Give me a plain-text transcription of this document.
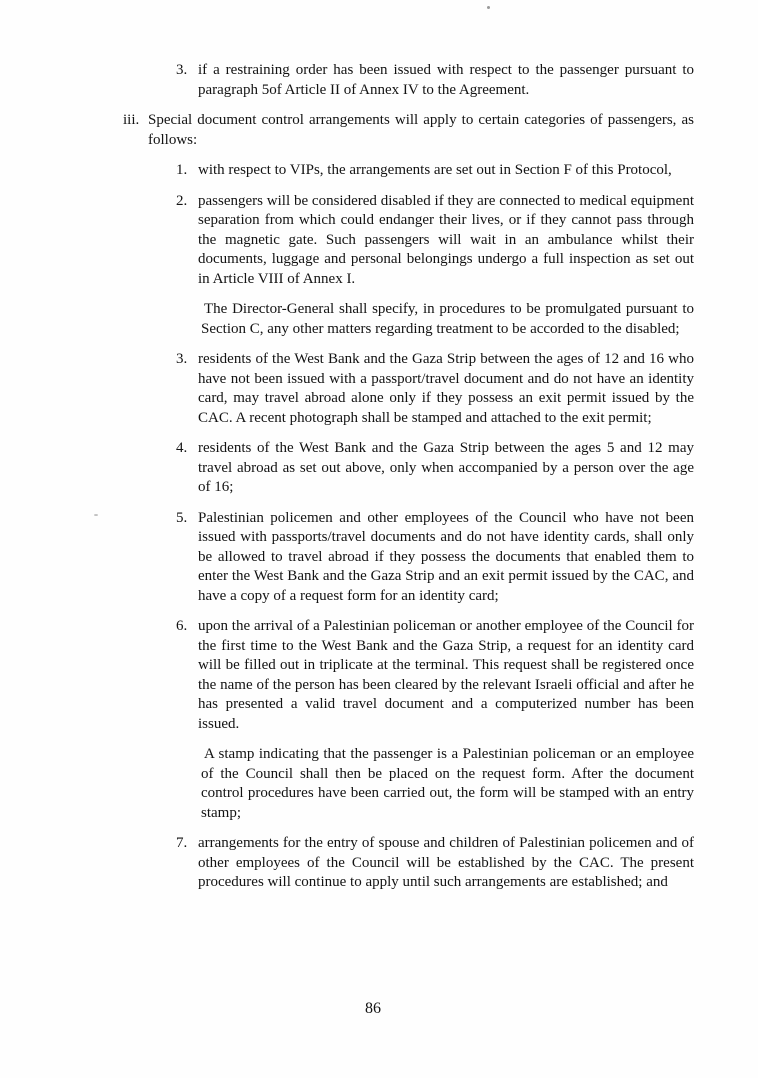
3. if a restraining order has been issued with respect to the passenger pursuant to paragraph 5of Article II of Annex IV to the Agreement.
iii. Special document control arrangements will apply to certain categories of passengers, as follows:
1. with respect to VIPs, the arrangements are set out in Section F of this Protocol,
2. passengers will be considered disabled if they are connected to medical equipment separation from which could endanger their lives, or if they cannot pass through the magnetic gate. Such passengers will wait in an ambulance whilst their documents, luggage and personal belongings undergo a full inspection as set out in Article VIII of Annex I.
The Director-General shall specify, in procedures to be promulgated pursuant to Section C, any other matters regarding treatment to be accorded to the disabled;
3. residents of the West Bank and the Gaza Strip between the ages of 12 and 16 who have not been issued with a passport/travel document and do not have an identity card, may travel abroad alone only if they possess an exit permit issued by the CAC. A recent photograph shall be stamped and attached to the exit permit;
4. residents of the West Bank and the Gaza Strip between the ages 5 and 12 may travel abroad as set out above, only when accompanied by a person over the age of 16;
5. Palestinian policemen and other employees of the Council who have not been issued with passports/travel documents and do not have identity cards, shall only be allowed to travel abroad if they possess the documents that enabled them to enter the West Bank and the Gaza Strip and an exit permit issued by the CAC, and have a copy of a request form for an identity card;
6. upon the arrival of a Palestinian policeman or another employee of the Council for the first time to the West Bank and the Gaza Strip, a request for an identity card will be filled out in triplicate at the terminal. This request shall be registered once the name of the person has been cleared by the relevant Israeli official and after he has presented a valid travel document and a computerized number has been issued.
A stamp indicating that the passenger is a Palestinian policeman or an employee of the Council shall then be placed on the request form. After the document control procedures have been carried out, the form will be stamped with an entry stamp;
7. arrangements for the entry of spouse and children of Palestinian policemen and of other employees of the Council will be established by the CAC. The present procedures will continue to apply until such arrangements are established; and
86
